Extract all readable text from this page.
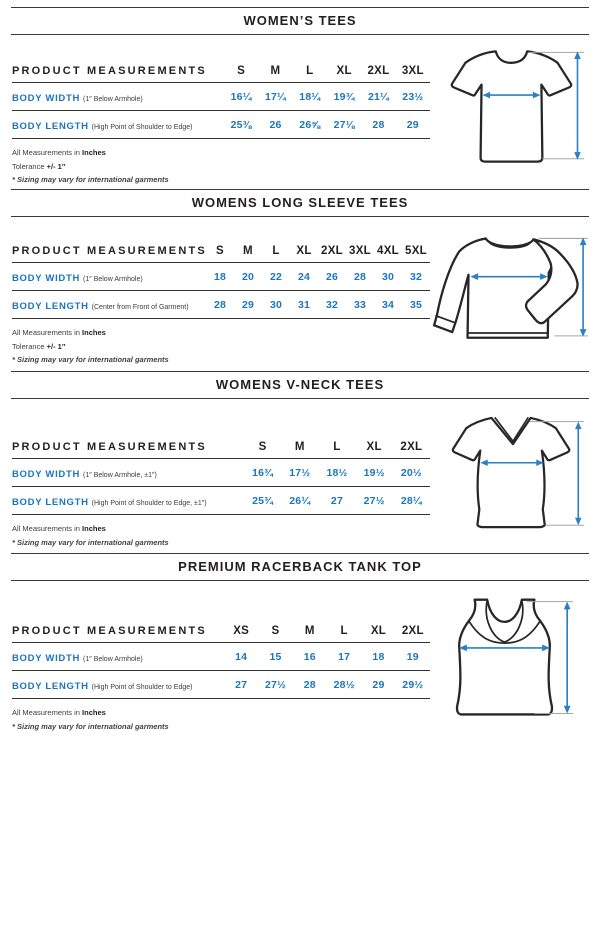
WOMEN’S TEES
PRODUCT MEASUREMENTS	S	M	L	XL	2XL	3XL
BODY WIDTH (1″ Below Armhole)	16¼	17¼	18¼	19¾	21¼	23½
BODY LENGTH (High Point of Shoulder to Edge)	25⅜	26	26⅝	27⅛	28	29
All Measurements in Inches
Tolerance +/- 1″
* Sizing may vary for international garments
WOMENS LONG SLEEVE TEES
PRODUCT MEASUREMENTS	S	M	L	XL	2XL	3XL	4XL	5XL
BODY WIDTH (1″ Below Armhole)	18	20	22	24	26	28	30	32
BODY LENGTH (Center from Front of Garment)	28	29	30	31	32	33	34	35
All Measurements in Inches
Tolerance +/- 1″
* Sizing may vary for international garments
WOMENS V-NECK TEES
PRODUCT MEASUREMENTS	S	M	L	XL	2XL
BODY WIDTH (1″ Below Armhole, ±1″)	16¾	17½	18½	19½	20½
BODY LENGTH (High Point of Shoulder to Edge, ±1″)	25¾	26¼	27	27½	28¼
All Measurements in Inches
* Sizing may vary for international garments
PREMIUM RACERBACK TANK TOP
PRODUCT MEASUREMENTS	XS	S	M	L	XL	2XL
BODY WIDTH (1″ Below Armhole)	14	15	16	17	18	19
BODY LENGTH (High Point of Shoulder to Edge)	27	27½	28	28½	29	29½
All Measurements in Inches
* Sizing may vary for international garments
